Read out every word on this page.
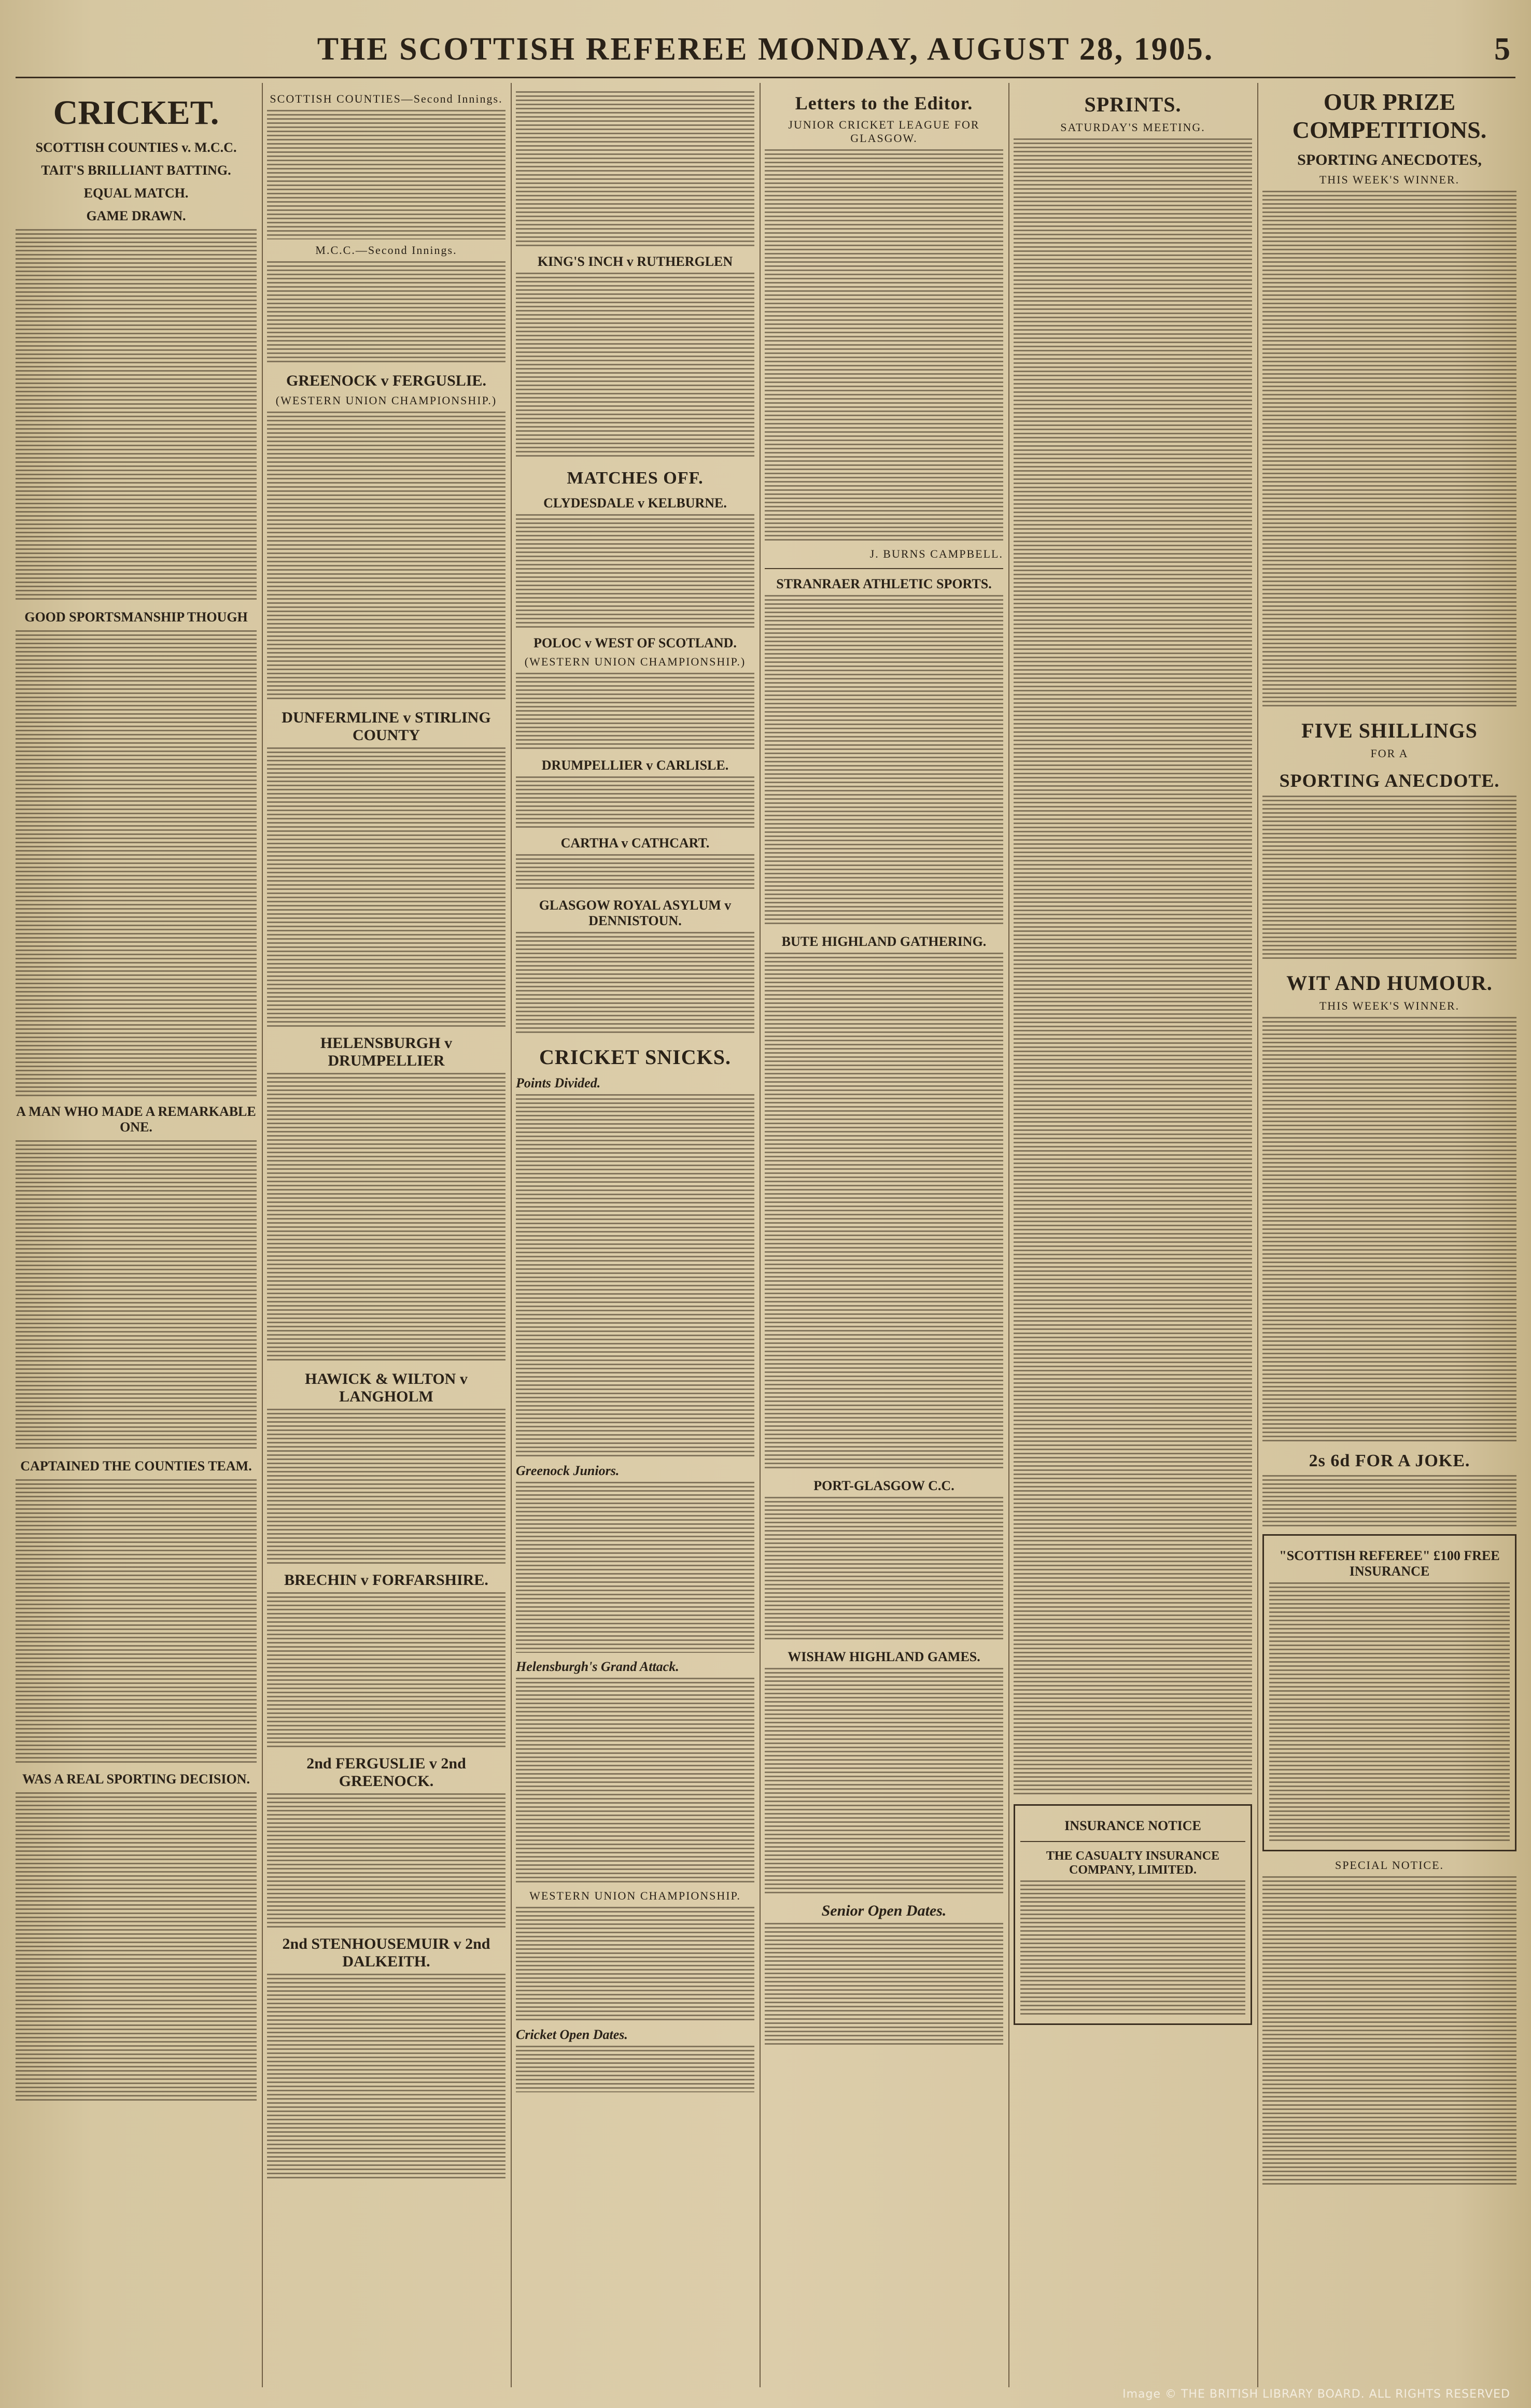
THE SCOTTISH REFEREE MONDAY, AUGUST 28, 1905.	5
CRICKET.
SCOTTISH COUNTIES v. M.C.C.
TAIT'S BRILLIANT BATTING.
EQUAL MATCH.
GAME DRAWN.
GOOD SPORTSMANSHIP THOUGH
A MAN WHO MADE A REMARKABLE ONE.
CAPTAINED THE COUNTIES TEAM.
WAS A REAL SPORTING DECISION.
SCOTTISH COUNTIES—Second Innings.
M.C.C.—Second Innings.
GREENOCK v FERGUSLIE.
(WESTERN UNION CHAMPIONSHIP.)
DUNFERMLINE v STIRLING COUNTY
HELENSBURGH v DRUMPELLIER
HAWICK & WILTON v LANGHOLM
BRECHIN v FORFARSHIRE.
2nd FERGUSLIE v 2nd GREENOCK.
2nd STENHOUSEMUIR v 2nd DALKEITH.
KING'S INCH v RUTHERGLEN
MATCHES OFF.
CLYDESDALE v KELBURNE.
POLOC v WEST OF SCOTLAND.
(WESTERN UNION CHAMPIONSHIP.)
DRUMPELLIER v CARLISLE.
CARTHA v CATHCART.
GLASGOW ROYAL ASYLUM v DENNISTOUN.
CRICKET SNICKS.
Points Divided.
Greenock Juniors.
Helensburgh's Grand Attack.
WESTERN UNION CHAMPIONSHIP.
Cricket Open Dates.
Letters to the Editor.
JUNIOR CRICKET LEAGUE FOR GLASGOW.
J. BURNS CAMPBELL.
STRANRAER ATHLETIC SPORTS.
BUTE HIGHLAND GATHERING.
PORT-GLASGOW C.C.
WISHAW HIGHLAND GAMES.
Senior Open Dates.
SPRINTS.
SATURDAY'S MEETING.
INSURANCE NOTICE
THE CASUALTY INSURANCE COMPANY, LIMITED.
OUR PRIZE COMPETITIONS.
SPORTING ANECDOTES,
THIS WEEK'S WINNER.
FIVE SHILLINGS
FOR A
SPORTING ANECDOTE.
WIT AND HUMOUR.
THIS WEEK'S WINNER.
2s 6d FOR A JOKE.
"SCOTTISH REFEREE" £100 FREE INSURANCE
SPECIAL NOTICE.
Image © THE BRITISH LIBRARY BOARD. ALL RIGHTS RESERVED
